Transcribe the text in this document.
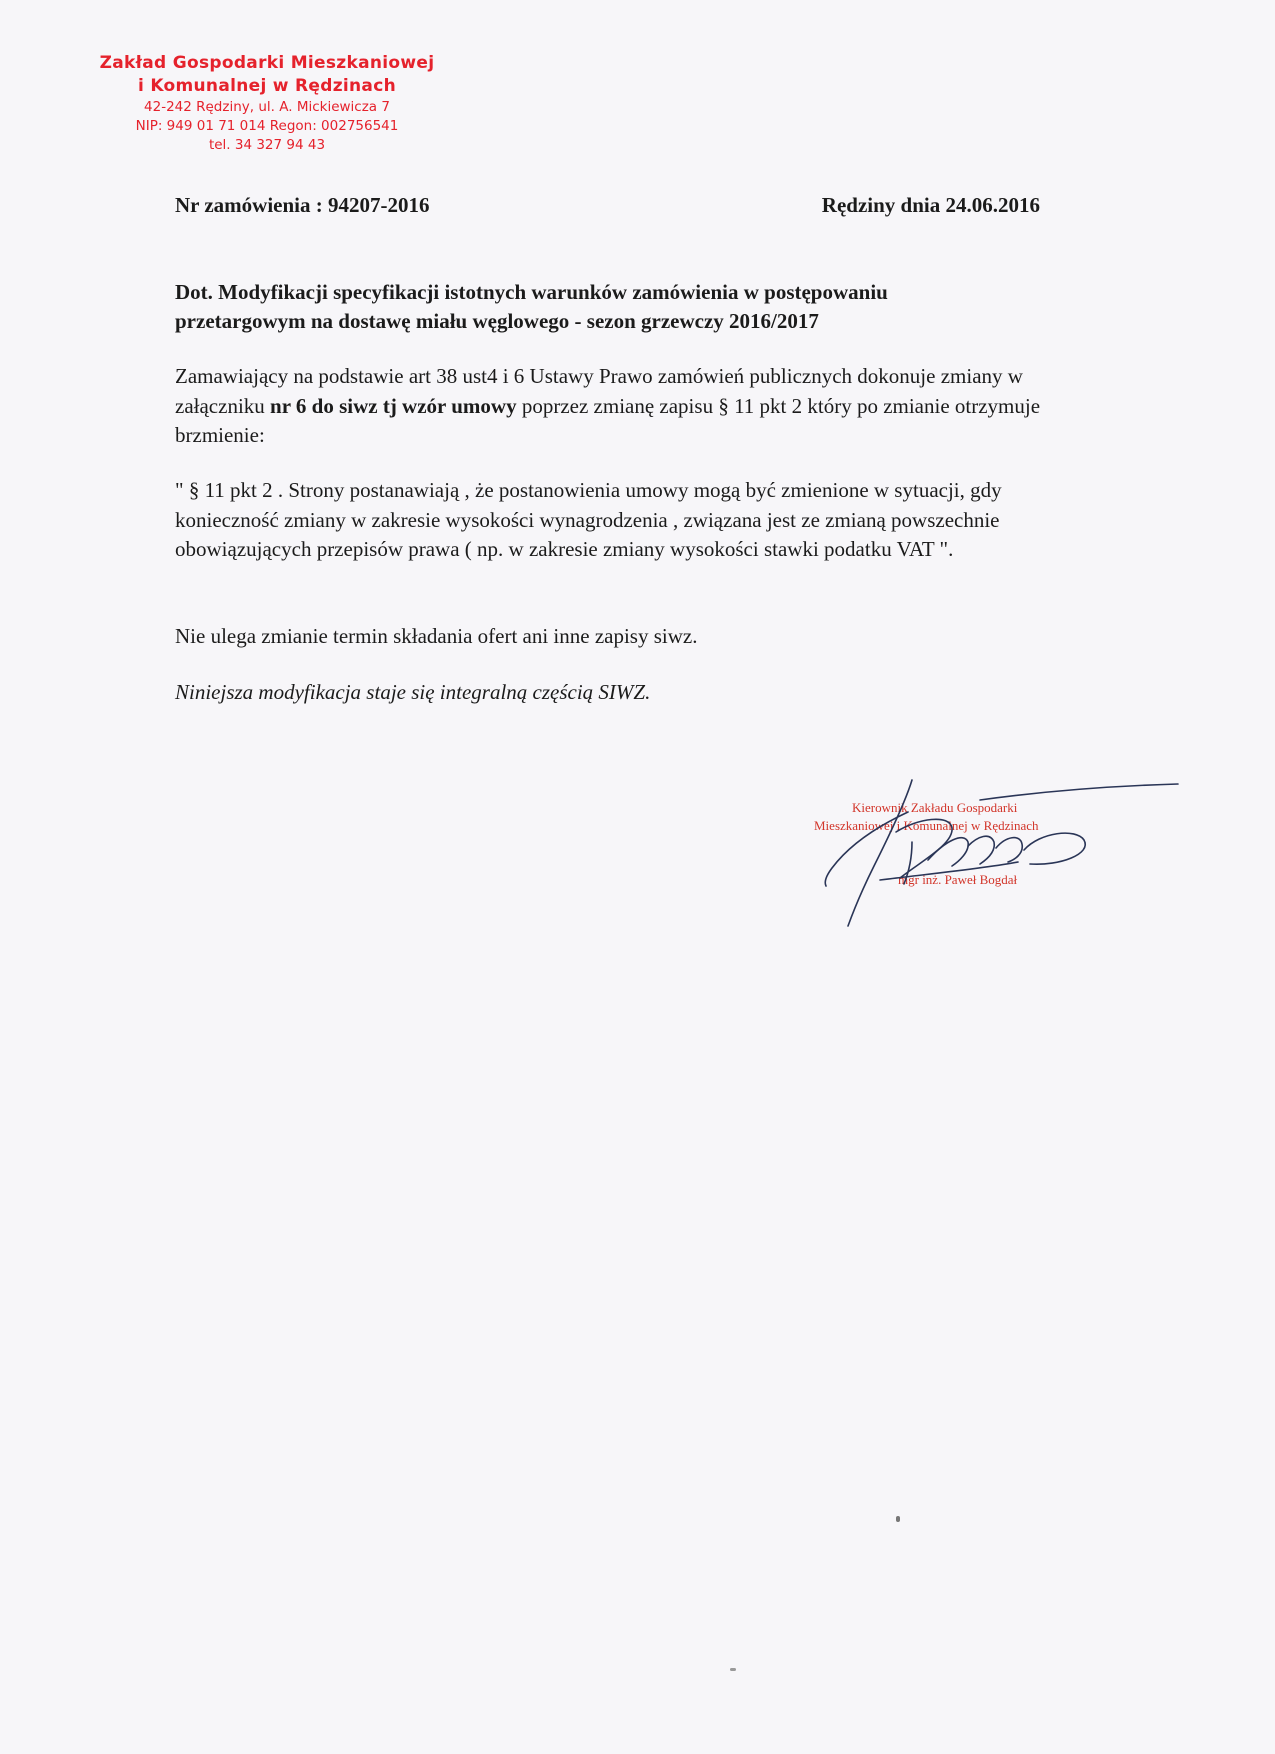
Zakład Gospodarki Mieszkaniowej
i Komunalnej w Rędzinach
42-242 Rędziny, ul. A. Mickiewicza 7
NIP: 949 01 71 014 Regon: 002756541
tel. 34 327 94 43
Nr zamówienia : 94207-2016	Rędziny dnia 24.06.2016
Dot. Modyfikacji specyfikacji istotnych warunków zamówienia w postępowaniu
przetargowym na dostawę miału węglowego - sezon grzewczy 2016/2017
Zamawiający na podstawie art 38 ust4 i 6 Ustawy Prawo zamówień publicznych dokonuje zmiany w załączniku nr 6 do siwz tj wzór umowy poprzez zmianę zapisu § 11 pkt 2 który po zmianie otrzymuje brzmienie:
" § 11 pkt 2 . Strony postanawiają , że postanowienia umowy mogą być zmienione w sytuacji, gdy konieczność zmiany w zakresie wysokości wynagrodzenia , związana jest ze zmianą powszechnie obowiązujących przepisów prawa ( np. w zakresie zmiany wysokości stawki podatku VAT ".
Nie ulega zmianie termin składania ofert ani inne zapisy siwz.
Niniejsza modyfikacja staje się integralną częścią SIWZ.
Kierownik Zakładu Gospodarki
Mieszkaniowej i Komunalnej w Rędzinach
mgr inż. Paweł Bogdał
